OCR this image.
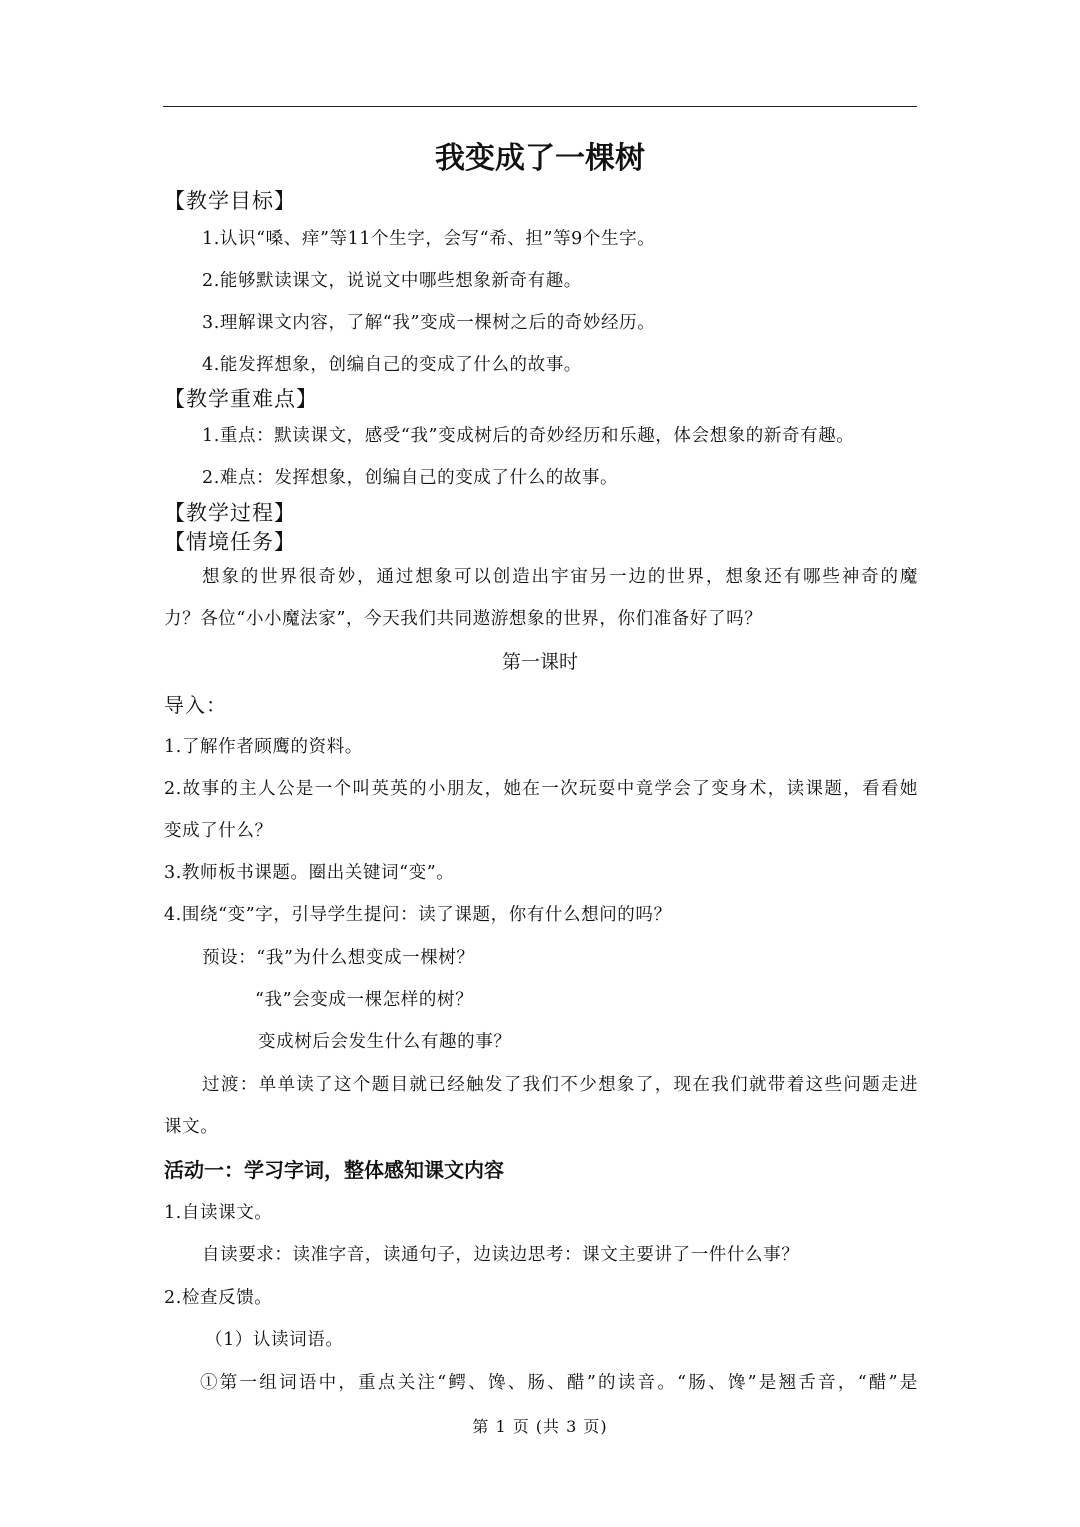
我变成了一棵树
【教学目标】
1.认识“嗓、痒”等11个生字，会写“希、担”等9个生字。
2.能够默读课文，说说文中哪些想象新奇有趣。
3.理解课文内容，了解“我”变成一棵树之后的奇妙经历。
4.能发挥想象，创编自己的变成了什么的故事。
【教学重难点】
1.重点：默读课文，感受“我”变成树后的奇妙经历和乐趣，体会想象的新奇有趣。
2.难点：发挥想象，创编自己的变成了什么的故事。
【教学过程】
【情境任务】
想象的世界很奇妙，通过想象可以创造出宇宙另一边的世界，想象还有哪些神奇的魔
力？各位“小小魔法家”，今天我们共同遨游想象的世界，你们准备好了吗？
第一课时
导入：
1.了解作者顾鹰的资料。
2.故事的主人公是一个叫英英的小朋友，她在一次玩耍中竟学会了变身术，读课题，看看她
变成了什么？
3.教师板书课题。圈出关键词“变”。
4.围绕“变”字，引导学生提问：读了课题，你有什么想问的吗？
预设：“我”为什么想变成一棵树？
“我”会变成一棵怎样的树？
变成树后会发生什么有趣的事？
过渡：单单读了这个题目就已经触发了我们不少想象了，现在我们就带着这些问题走进
课文。
活动一：学习字词，整体感知课文内容
1.自读课文。
自读要求：读准字音，读通句子，边读边思考：课文主要讲了一件什么事？
2.检查反馈。
（1）认读词语。
①第一组词语中，重点关注“鳄、馋、肠、醋”的读音。“肠、馋”是翘舌音，“醋”是
第 1 页 (共 3 页)
